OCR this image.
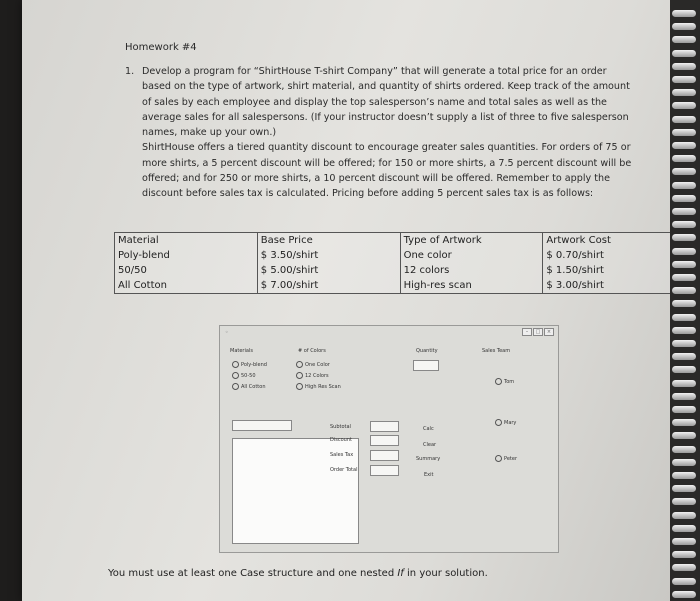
Homework #4
1. Develop a program for “ShirtHouse T-shirt Company” that will generate a total price for an order based on the type of artwork, shirt material, and quantity of shirts ordered. Keep track of the amount of sales by each employee and display the top salesperson’s name and total sales as well as the average sales for all salespersons. (If your instructor doesn’t supply a list of three to five salesperson names, make up your own.)

ShirtHouse offers a tiered quantity discount to encourage greater sales quantities. For orders of 75 or more shirts, a 5 percent discount will be offered; for 150 or more shirts, a 7.5 percent discount will be offered; and for 250 or more shirts, a 10 percent discount will be offered. Remember to apply the discount before sales tax is calculated. Pricing before adding 5 percent sales tax is as follows:

Material	Base Price	Type of Artwork	Artwork Cost
Poly-blend	$ 3.50/shirt	One color	$ 0.70/shirt
50/50	$ 5.00/shirt	12 colors	$ 1.50/shirt
All Cotton	$ 7.00/shirt	High-res scan	$ 3.00/shirt
◦	–	□	×
Materials
Poly-blend
50-50
All Cotton
# of Colors
One Color
12 Colors
High Res Scan
Quantity	Sales Team
Tom
Mary
Peter
Subtotal
Discount
Sales Tax
Order Total
Calc
Clear
Summary
Exit
You must use at least one Case structure and one nested If in your solution.
